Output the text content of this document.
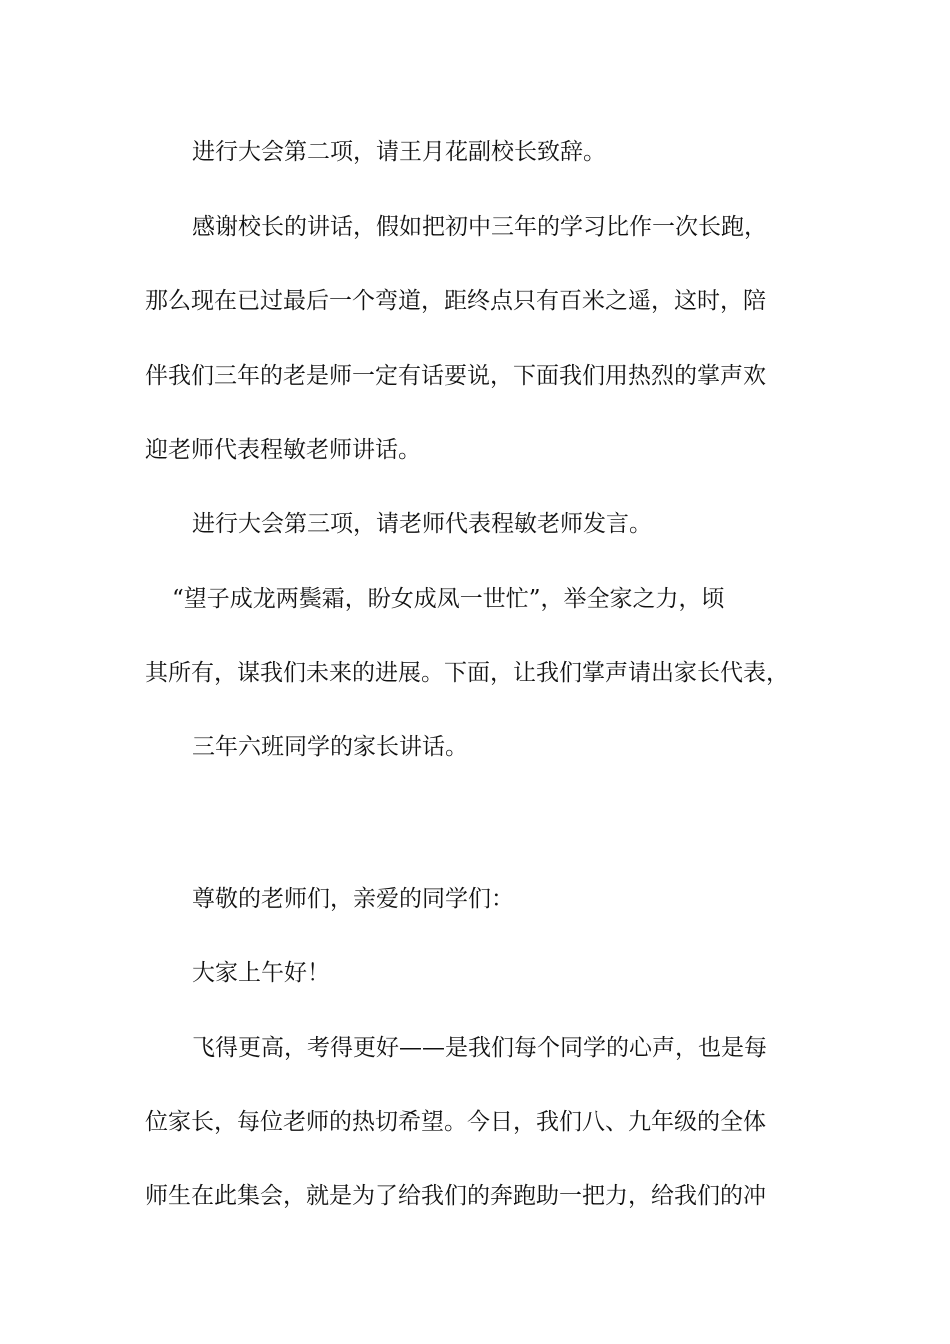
进行大会第二项，请王月花副校长致辞。

感谢校长的讲话，假如把初中三年的学习比作一次长跑，

那么现在已过最后一个弯道，距终点只有百米之遥，这时，陪

伴我们三年的老是师一定有话要说，下面我们用热烈的掌声欢

迎老师代表程敏老师讲话。

进行大会第三项，请老师代表程敏老师发言。

“望子成龙两鬓霜，盼女成凤一世忙”，举全家之力，顷

其所有，谋我们未来的进展。下面，让我们掌声请出家长代表，

三年六班同学的家长讲话。

尊敬的老师们，亲爱的同学们：

大家上午好！

飞得更高，考得更好——是我们每个同学的心声，也是每

位家长，每位老师的热切希望。今日，我们八、九年级的全体

师生在此集会，就是为了给我们的奔跑助一把力，给我们的冲
